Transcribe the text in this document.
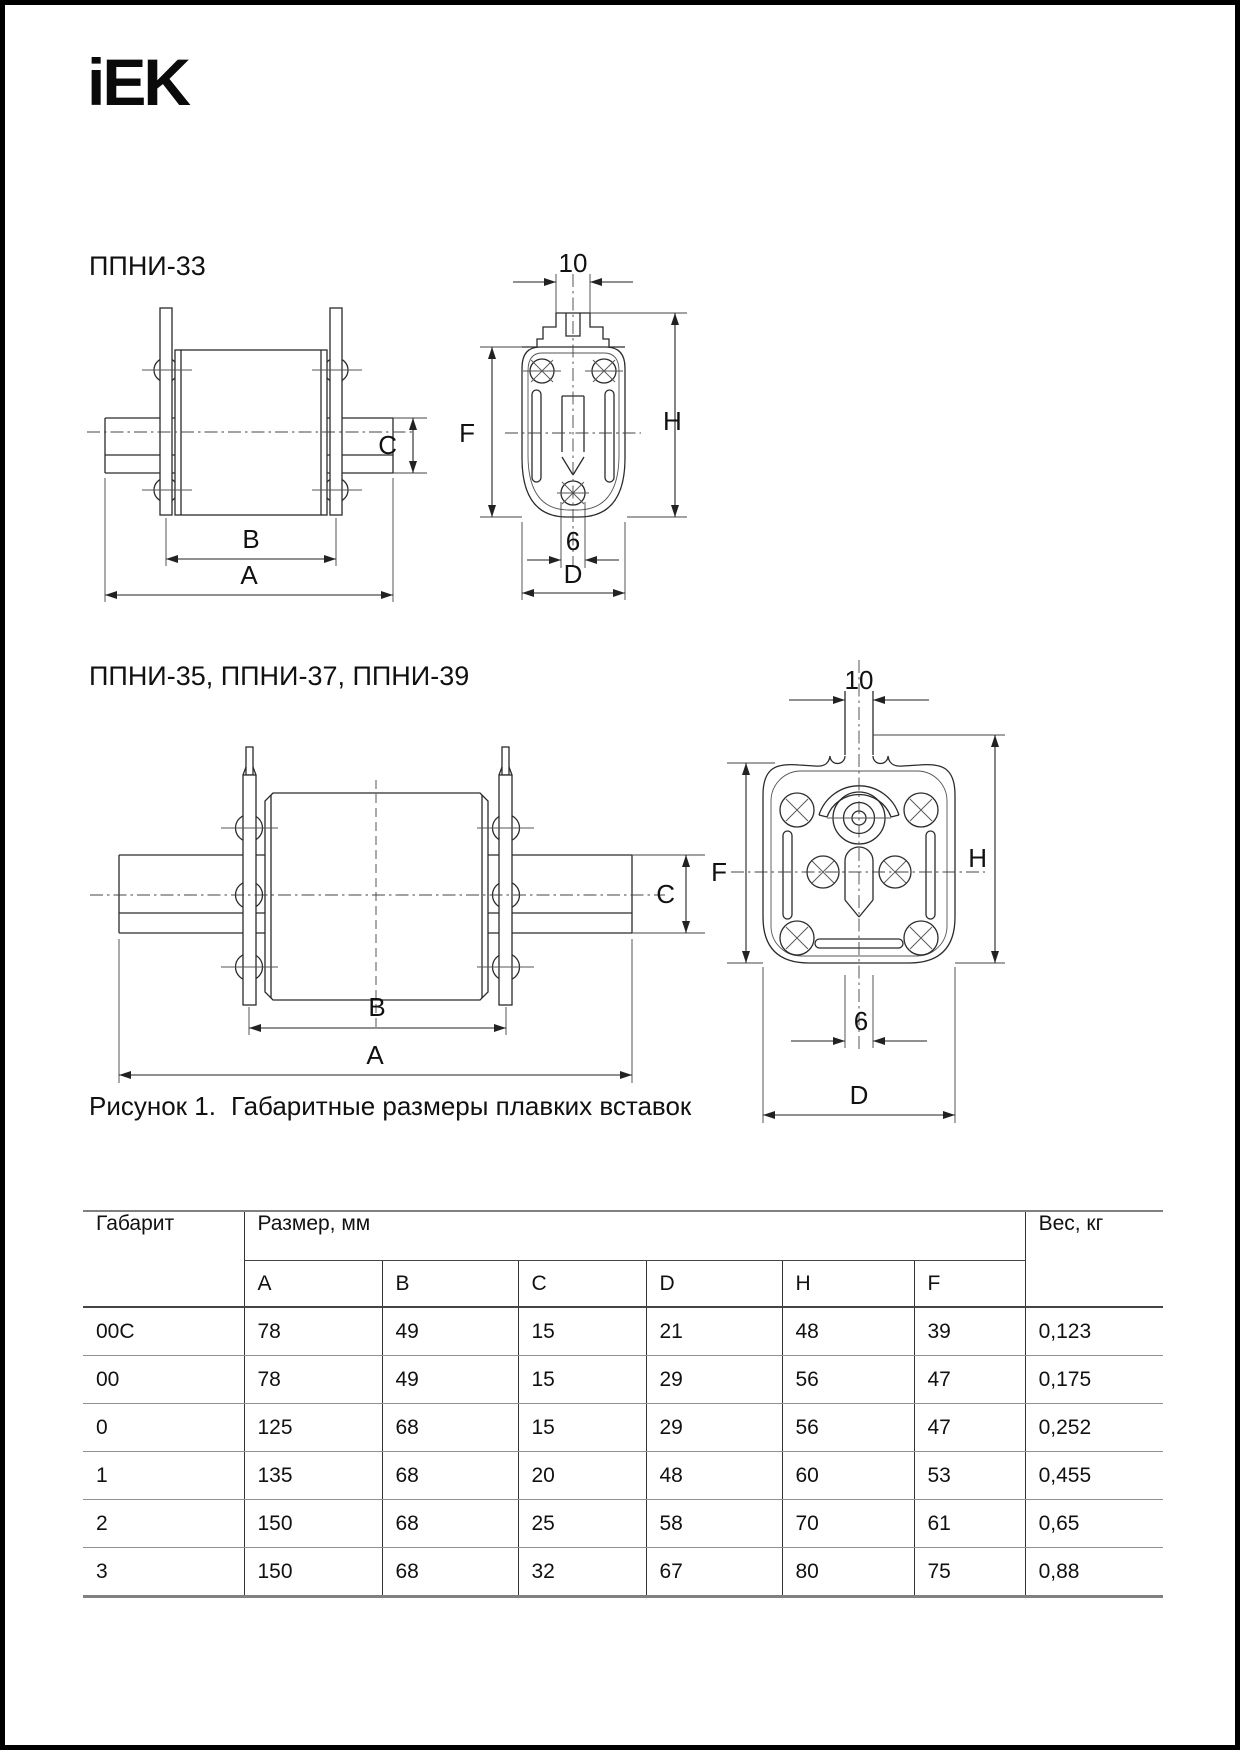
iEK
ППНИ-33
C
B
A
10
F	H
6
D
ППНИ-35, ППНИ-37, ППНИ-39
C
B
A
10
F	H
6
D
Рисунок 1. Габаритные размеры плавких вставок
Габарит	Размер, мм						Вес, кг
	A	B	C	D	H	F	
00C	78	49	15	21	48	39	0,123
00	78	49	15	29	56	47	0,175
0	125	68	15	29	56	47	0,252
1	135	68	20	48	60	53	0,455
2	150	68	25	58	70	61	0,65
3	150	68	32	67	80	75	0,88
